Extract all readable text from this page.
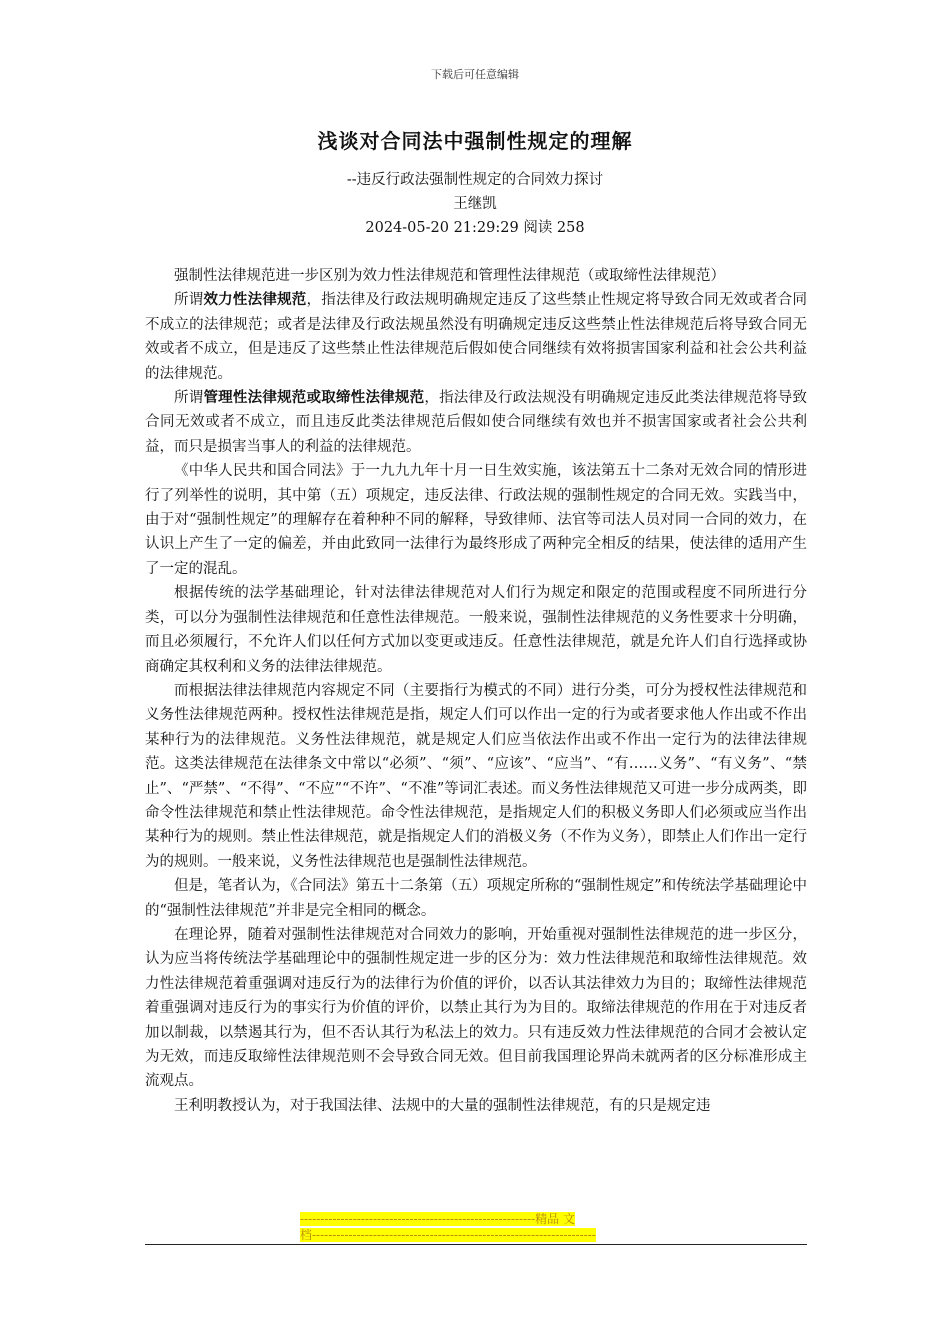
下载后可任意编辑
浅谈对合同法中强制性规定的理解
--违反行政法强制性规定的合同效力探讨
王继凯
2024-05-20 21:29:29 阅读 258

强制性法律规范进一步区别为效力性法律规范和管理性法律规范（或取缔性法律规范）

所谓效力性法律规范，指法律及行政法规明确规定违反了这些禁止性规定将导致合同无效或者合同不成立的法律规范；或者是法律及行政法规虽然没有明确规定违反这些禁止性法律规范后将导致合同无效或者不成立，但是违反了这些禁止性法律规范后假如使合同继续有效将损害国家利益和社会公共利益的法律规范。

所谓管理性法律规范或取缔性法律规范，指法律及行政法规没有明确规定违反此类法律规范将导致合同无效或者不成立，而且违反此类法律规范后假如使合同继续有效也并不损害国家或者社会公共利益，而只是损害当事人的利益的法律规范。

《中华人民共和国合同法》于一九九九年十月一日生效实施，该法第五十二条对无效合同的情形进行了列举性的说明，其中第（五）项规定，违反法律、行政法规的强制性规定的合同无效。实践当中，由于对“强制性规定”的理解存在着种种不同的解释，导致律师、法官等司法人员对同一合同的效力，在认识上产生了一定的偏差，并由此致同一法律行为最终形成了两种完全相反的结果，使法律的适用产生了一定的混乱。

根据传统的法学基础理论，针对法律法律规范对人们行为规定和限定的范围或程度不同所进行分类，可以分为强制性法律规范和任意性法律规范。一般来说，强制性法律规范的义务性要求十分明确，而且必须履行，不允许人们以任何方式加以变更或违反。任意性法律规范，就是允许人们自行选择或协商确定其权利和义务的法律法律规范。

而根据法律法律规范内容规定不同（主要指行为模式的不同）进行分类，可分为授权性法律规范和义务性法律规范两种。授权性法律规范是指，规定人们可以作出一定的行为或者要求他人作出或不作出某种行为的法律规范。义务性法律规范，就是规定人们应当依法作出或不作出一定行为的法律法律规范。这类法律规范在法律条文中常以“必须”、“须”、“应该”、“应当”、“有……义务”、“有义务”、“禁止”、“严禁”、“不得”、“不应”“不许”、“不准”等词汇表述。而义务性法律规范又可进一步分成两类，即命令性法律规范和禁止性法律规范。命令性法律规范，是指规定人们的积极义务即人们必须或应当作出某种行为的规则。禁止性法律规范，就是指规定人们的消极义务（不作为义务），即禁止人们作出一定行为的规则。一般来说，义务性法律规范也是强制性法律规范。

但是，笔者认为，《合同法》第五十二条第（五）项规定所称的“强制性规定”和传统法学基础理论中的“强制性法律规范”并非是完全相同的概念。

在理论界，随着对强制性法律规范对合同效力的影响，开始重视对强制性法律规范的进一步区分，认为应当将传统法学基础理论中的强制性规定进一步的区分为：效力性法律规范和取缔性法律规范。效力性法律规范着重强调对违反行为的法律行为价值的评价，以否认其法律效力为目的；取缔性法律规范着重强调对违反行为的事实行为价值的评价，以禁止其行为为目的。取缔法律规范的作用在于对违反者加以制裁，以禁遏其行为，但不否认其行为私法上的效力。只有违反效力性法律规范的合同才会被认定为无效，而违反取缔性法律规范则不会导致合同无效。但目前我国理论界尚未就两者的区分标准形成主流观点。

王利明教授认为，对于我国法律、法规中的大量的强制性法律规范，有的只是规定违

----------------------------------------------------------精品 文
档----------------------------------------------------------------------
